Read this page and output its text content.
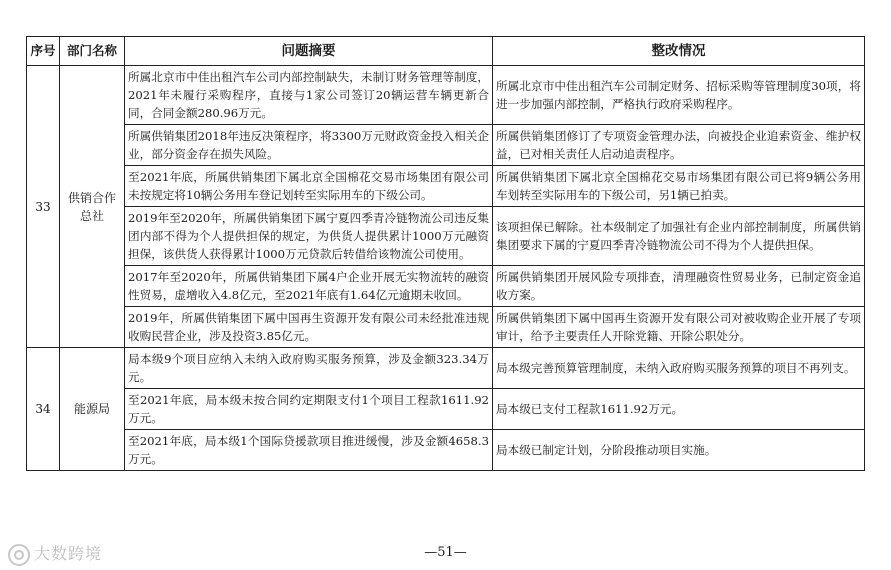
序号	部门名称	问题摘要	整改情况
33	供销合作总社	所属北京市中佳出租汽车公司内部控制缺失，未制订财务管理等制度，2021年未履行采购程序，直接与1家公司签订20辆运营车辆更新合同，合同金额280.96万元。	所属北京市中佳出租汽车公司制定财务、招标采购等管理制度30项，将进一步加强内部控制，严格执行政府采购程序。
		所属供销集团2018年违反决策程序，将3300万元财政资金投入相关企业，部分资金存在损失风险。	所属供销集团修订了专项资金管理办法，向被投企业追索资金、维护权益，已对相关责任人启动追责程序。
		至2021年底，所属供销集团下属北京全国棉花交易市场集团有限公司未按规定将10辆公务用车登记划转至实际用车的下级公司。	所属供销集团下属北京全国棉花交易市场集团有限公司已将9辆公务用车划转至实际用车的下级公司，另1辆已拍卖。
		2019年至2020年，所属供销集团下属宁夏四季青冷链物流公司违反集团内部不得为个人提供担保的规定，为供货人提供累计1000万元融资担保，该供货人获得累计1000万元贷款后转借给该物流公司使用。	该项担保已解除。社本级制定了加强社有企业内部控制制度，所属供销集团要求下属的宁夏四季青冷链物流公司不得为个人提供担保。
		2017年至2020年，所属供销集团下属4户企业开展无实物流转的融资性贸易，虚增收入4.8亿元，至2021年底有1.64亿元逾期未收回。	所属供销集团开展风险专项排查，清理融资性贸易业务，已制定资金追收方案。
		2019年，所属供销集团下属中国再生资源开发有限公司未经批准违规收购民营企业，涉及投资3.85亿元。	所属供销集团下属中国再生资源开发有限公司对被收购企业开展了专项审计，给予主要责任人开除党籍、开除公职处分。
34	能源局	局本级9个项目应纳入未纳入政府购买服务预算，涉及金额323.34万元。	局本级完善预算管理制度，未纳入政府购买服务预算的项目不再列支。
		至2021年底，局本级未按合同约定期限支付1个项目工程款1611.92万元。	局本级已支付工程款1611.92万元。
		至2021年底，局本级1个国际贷援款项目推进缓慢，涉及金额4658.3万元。	局本级已制定计划，分阶段推动项目实施。
大数跨境	—51—
